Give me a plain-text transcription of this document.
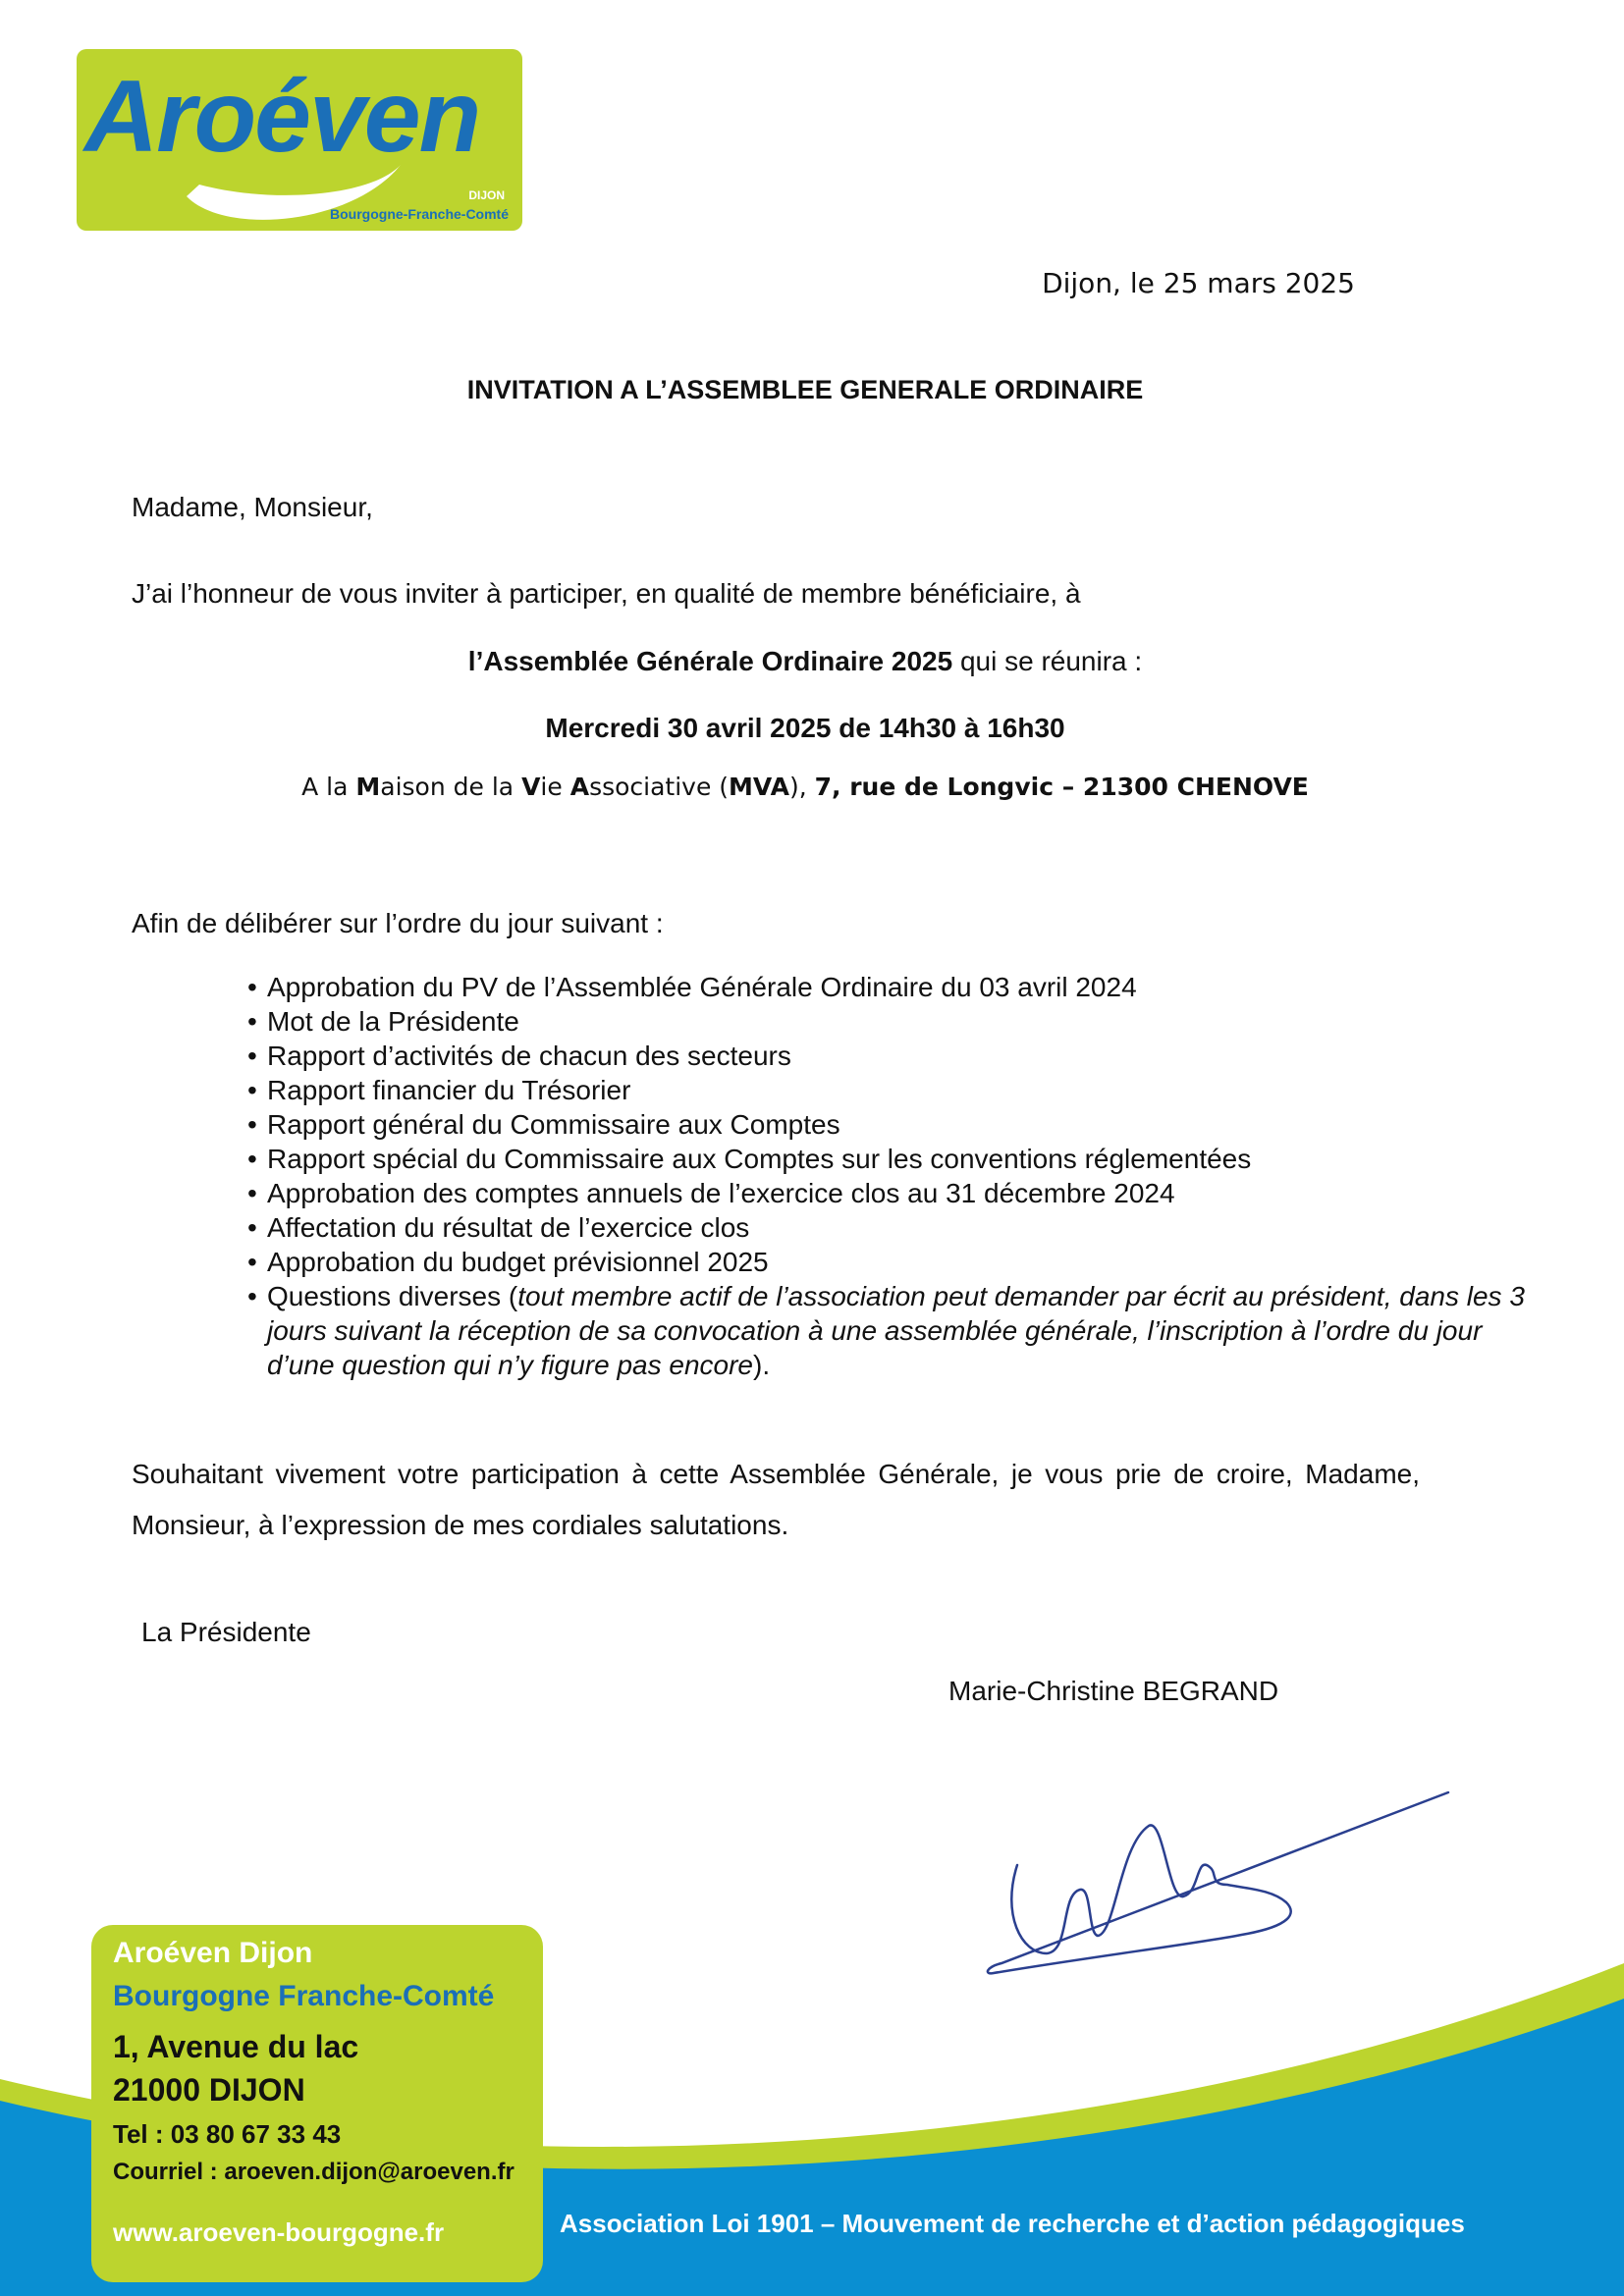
Aroéven
DIJON
Bourgogne-Franche-Comté
Dijon, le 25 mars 2025
INVITATION A L’ASSEMBLEE GENERALE ORDINAIRE
Madame, Monsieur,
J’ai l’honneur de vous inviter à participer, en qualité de membre bénéficiaire, à
l’Assemblée Générale Ordinaire 2025 qui se réunira :
Mercredi 30 avril 2025 de 14h30 à 16h30
A la Maison de la Vie Associative (MVA), 7, rue de Longvic – 21300 CHENOVE
Afin de délibérer sur l’ordre du jour suivant :
• Approbation du PV de l’Assemblée Générale Ordinaire du 03 avril 2024
• Mot de la Présidente
• Rapport d’activités de chacun des secteurs
• Rapport financier du Trésorier
• Rapport général du Commissaire aux Comptes
• Rapport spécial du Commissaire aux Comptes sur les conventions réglementées
• Approbation des comptes annuels de l’exercice clos au 31 décembre 2024
• Affectation du résultat de l’exercice clos
• Approbation du budget prévisionnel 2025
• Questions diverses (tout membre actif de l’association peut demander par écrit au président, dans les 3 jours suivant la réception de sa convocation à une assemblée générale, l’inscription à l’ordre du jour d’une question qui n’y figure pas encore).
Souhaitant vivement votre participation à cette Assemblée Générale, je vous prie de croire, Madame, Monsieur, à l’expression de mes cordiales salutations.
La Présidente
Marie-Christine BEGRAND
Aroéven Dijon
Bourgogne Franche-Comté
1, Avenue du lac
21000 DIJON
Tel : 03 80 67 33 43
Courriel : aroeven.dijon@aroeven.fr
www.aroeven-bourgogne.fr	Association Loi 1901 – Mouvement de recherche et d’action pédagogiques
